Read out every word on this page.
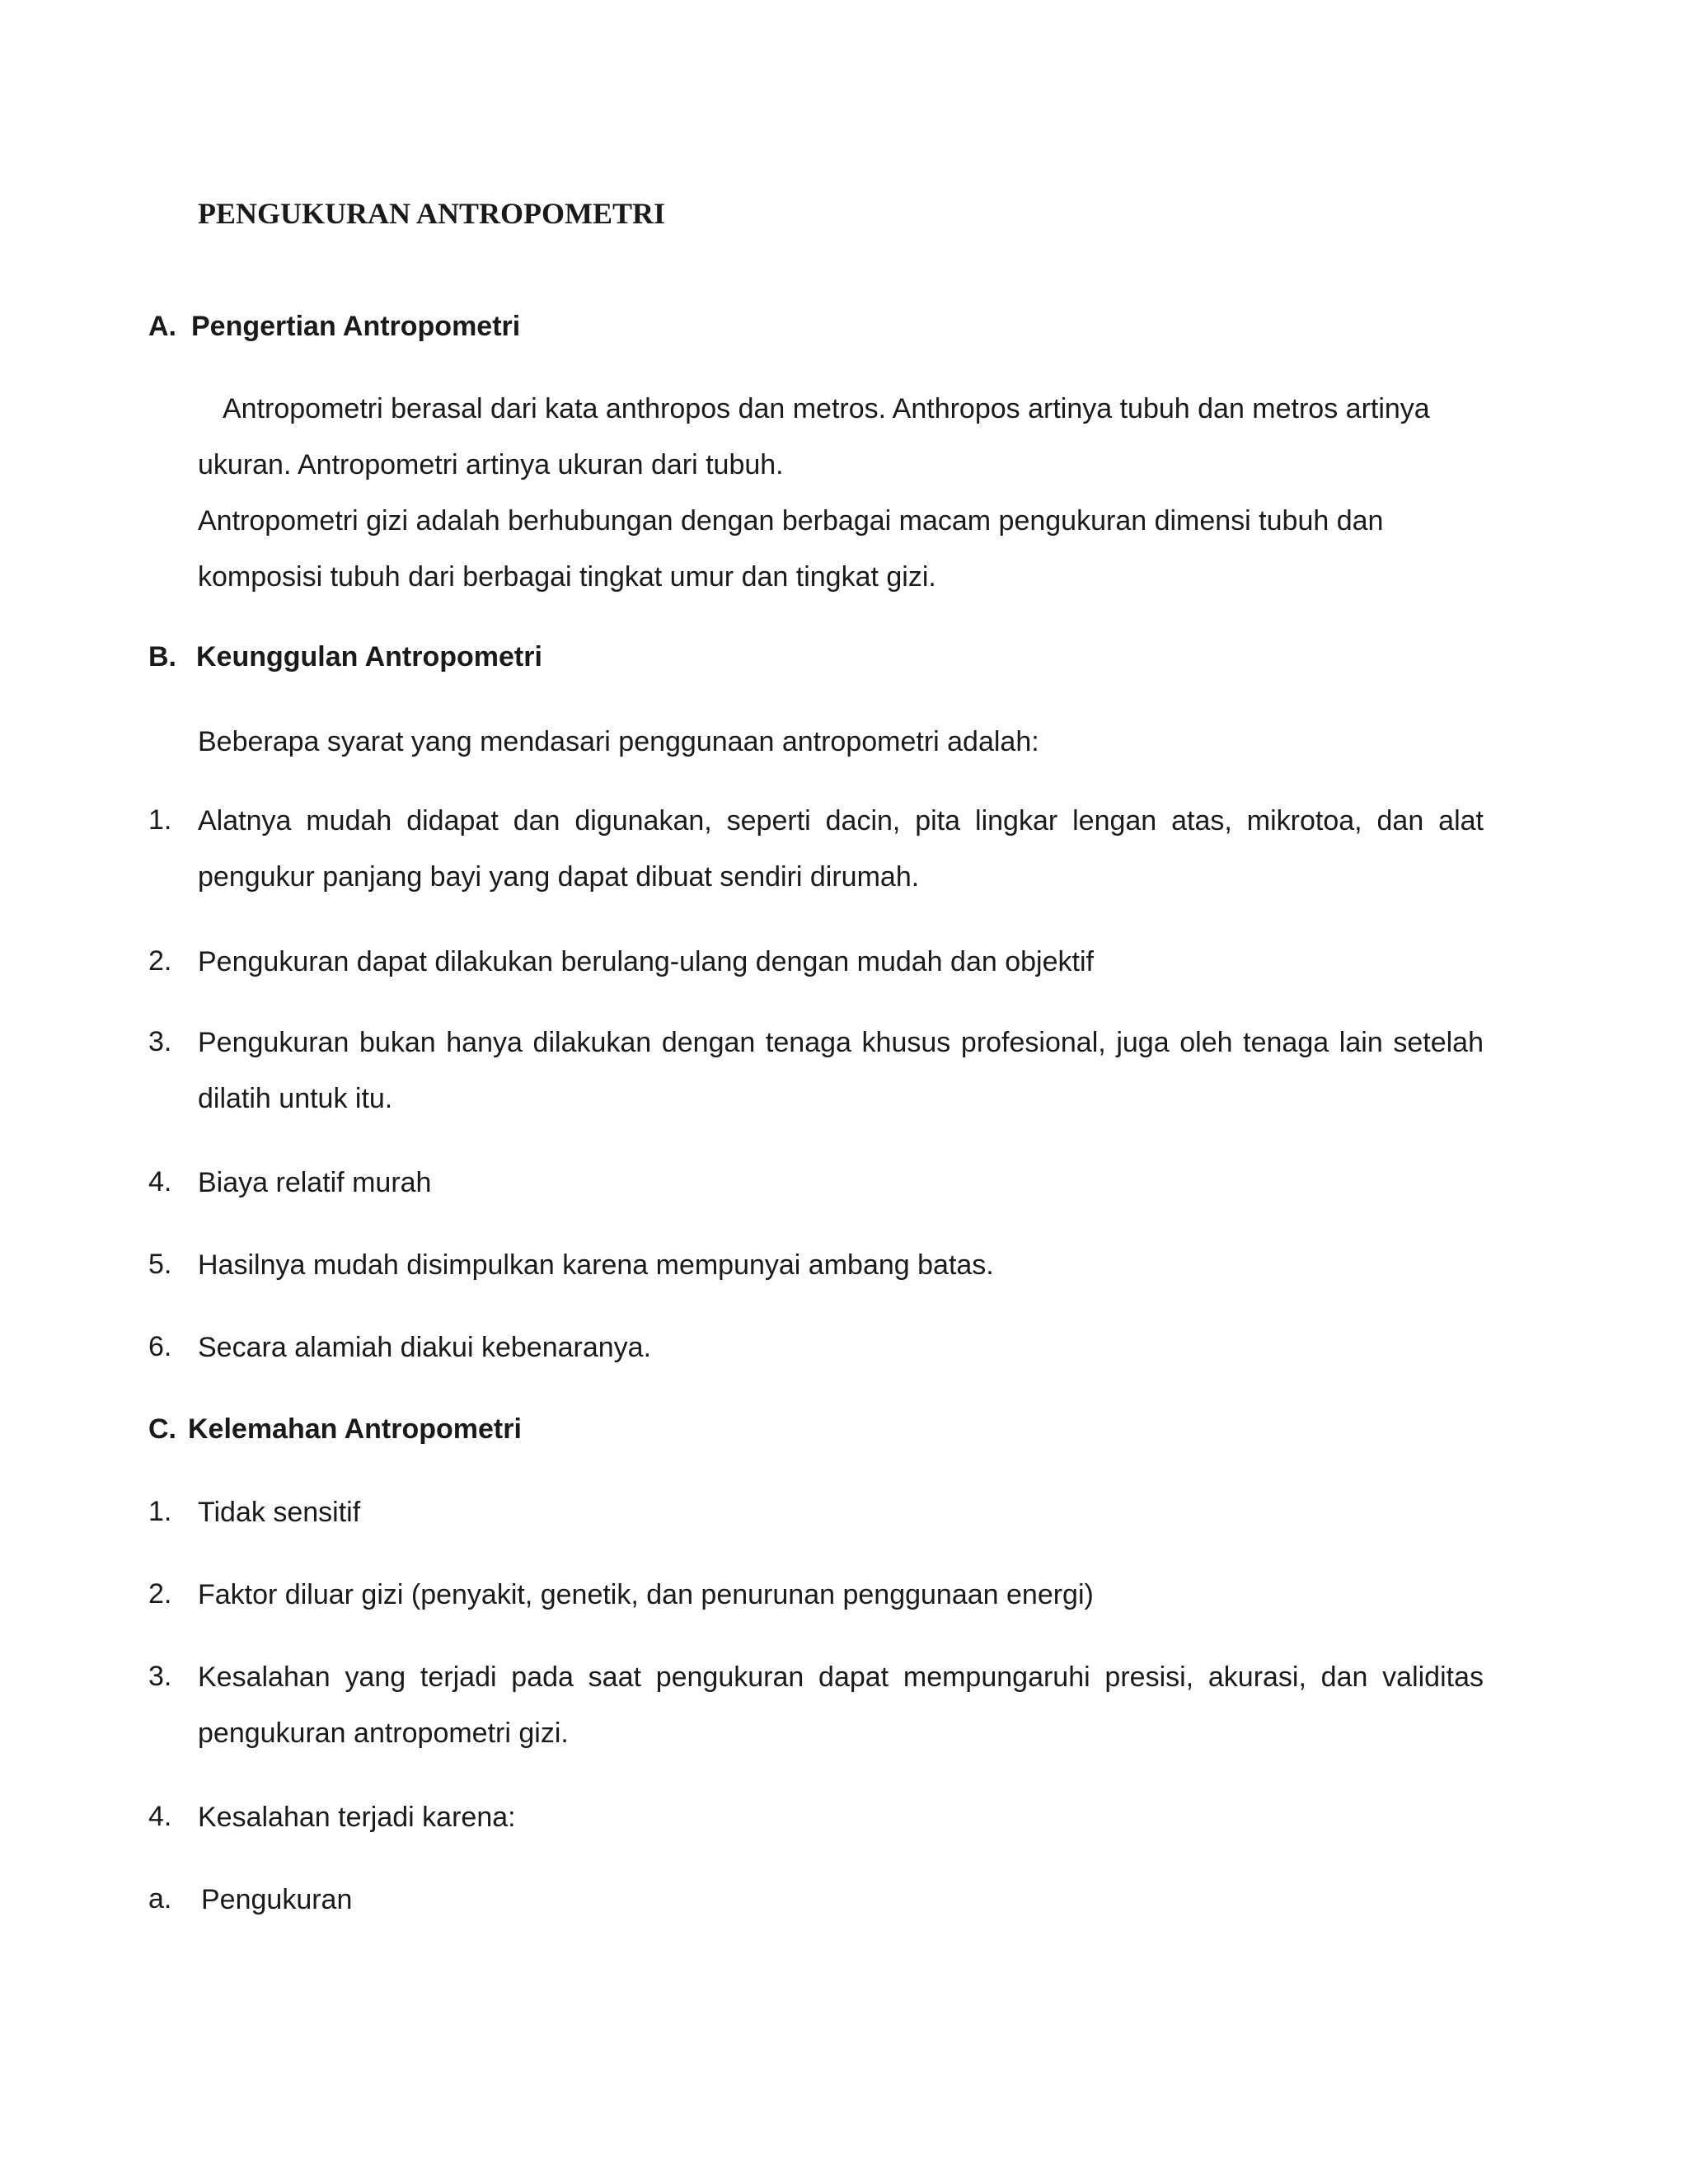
PENGUKURAN ANTROPOMETRI
A. Pengertian Antropometri

Antropometri berasal dari kata anthropos dan metros. Anthropos artinya tubuh dan metros artinya

ukuran. Antropometri artinya ukuran dari tubuh.

Antropometri gizi adalah berhubungan dengan berbagai macam pengukuran dimensi tubuh dan

komposisi tubuh dari berbagai tingkat umur dan tingkat gizi.

B. Keunggulan Antropometri
Beberapa syarat yang mendasari penggunaan antropometri adalah:
1. Alatnya mudah didapat dan digunakan, seperti dacin, pita lingkar lengan atas, mikrotoa, dan alat pengukur panjang bayi yang dapat dibuat sendiri dirumah.
2. Pengukuran dapat dilakukan berulang-ulang dengan mudah dan objektif
3. Pengukuran bukan hanya dilakukan dengan tenaga khusus profesional, juga oleh tenaga lain setelah dilatih untuk itu.
4. Biaya relatif murah
5. Hasilnya mudah disimpulkan karena mempunyai ambang batas.
6. Secara alamiah diakui kebenaranya.
C. Kelemahan Antropometri
1. Tidak sensitif
2. Faktor diluar gizi (penyakit, genetik, dan penurunan penggunaan energi)
3. Kesalahan yang terjadi pada saat pengukuran dapat mempungaruhi presisi, akurasi, dan validitas pengukuran antropometri gizi.
4. Kesalahan terjadi karena:
a. Pengukuran
